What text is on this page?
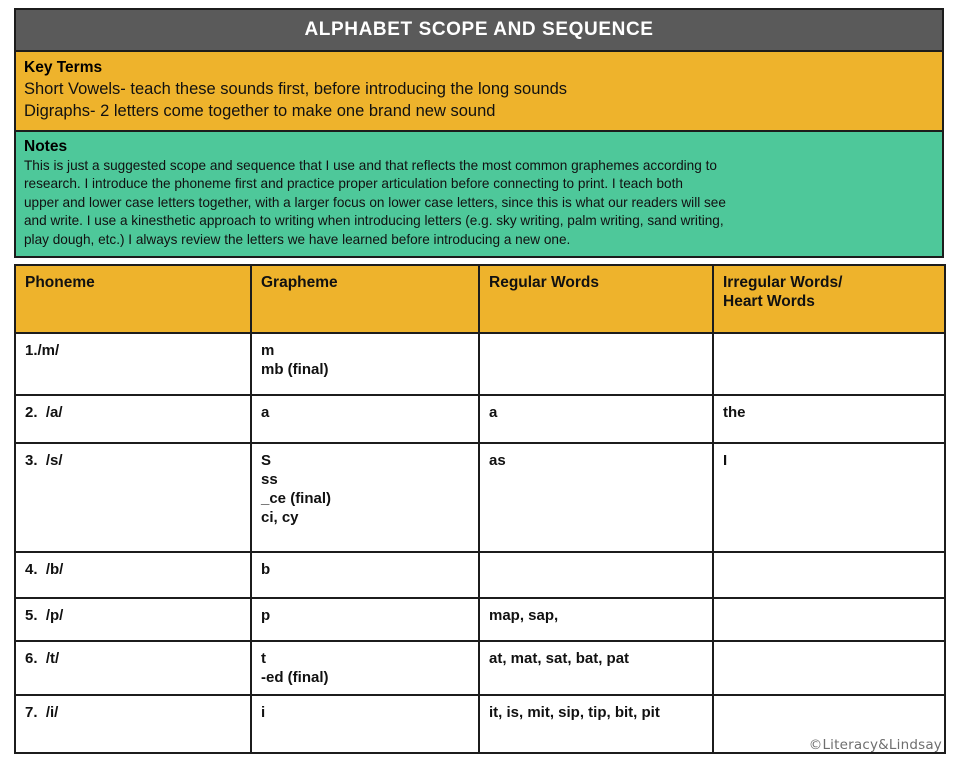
ALPHABET SCOPE AND SEQUENCE
Key Terms
Short Vowels- teach these sounds first, before introducing the long sounds
Digraphs- 2 letters come together to make one brand new sound
Notes
This is just a suggested scope and sequence that I use and that reflects the most common graphemes according to
research. I introduce the phoneme first and practice proper articulation before connecting to print. I teach both
upper and lower case letters together, with a larger focus on lower case letters, since this is what our readers will see
and write. I use a kinesthetic approach to writing when introducing letters (e.g. sky writing, palm writing, sand writing,
play dough, etc.) I always review the letters we have learned before introducing a new one.
Phoneme	Grapheme	Regular Words	Irregular Words/
Heart Words

1./m/	m
mb (final)		

2.  /a/	a	a	the

3.  /s/	S
ss
_ce (final)
ci, cy	as	I

4.  /b/	b		

5.  /p/	p	map, sap,	

6.  /t/	t
-ed (final)	at, mat, sat, bat, pat	

7.  /i/	i	it, is, mit, sip, tip, bit, pit	

©Literacy&Lindsay
